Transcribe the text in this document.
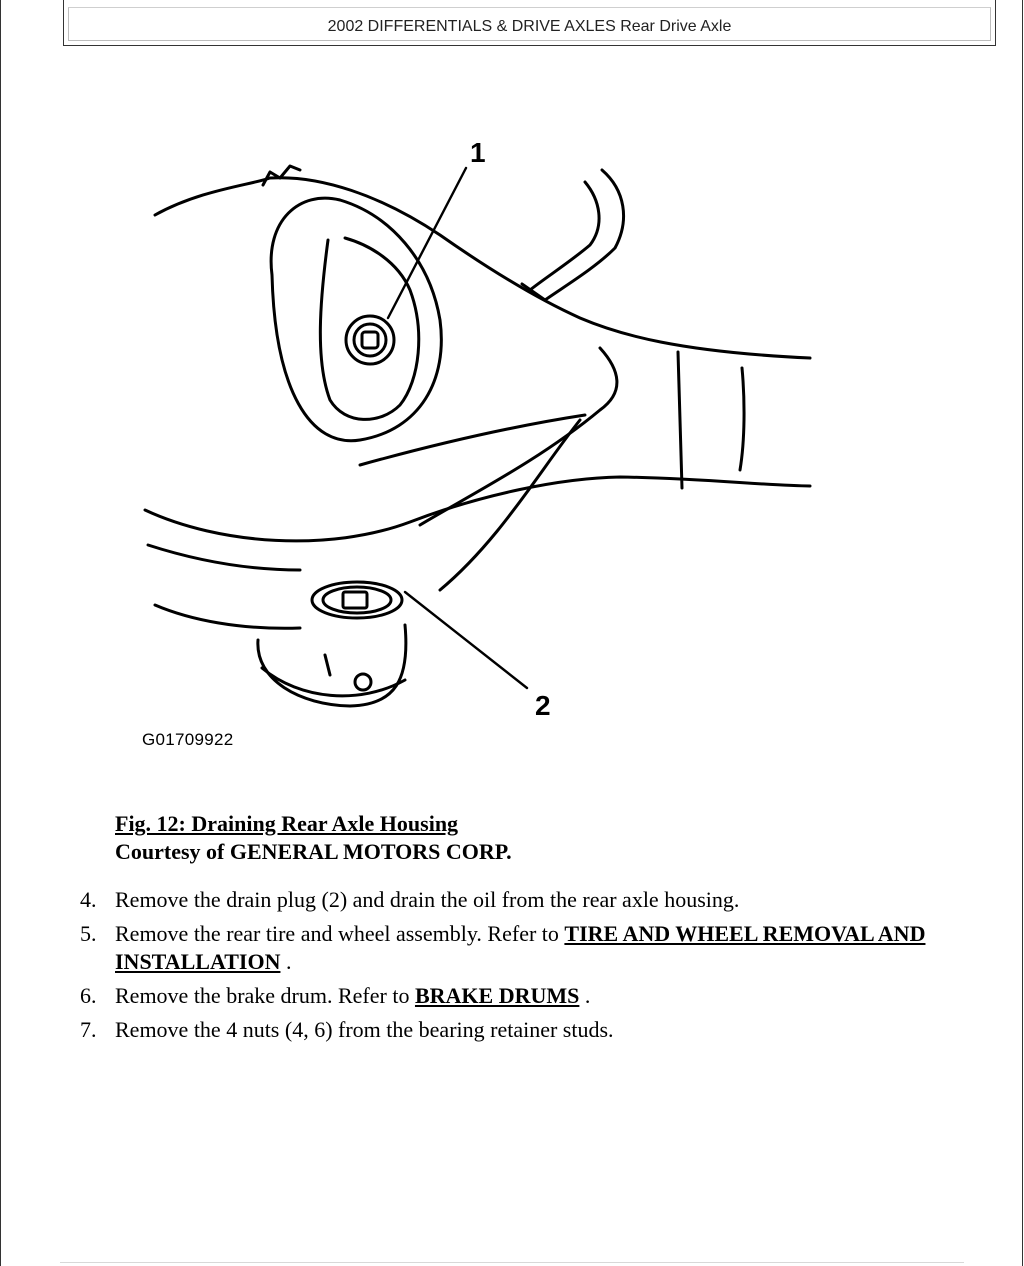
2002 DIFFERENTIALS & DRIVE AXLES Rear Drive Axle
1
2
G01709922
Fig. 12: Draining Rear Axle Housing
Courtesy of GENERAL MOTORS CORP.
4. Remove the drain plug (2) and drain the oil from the rear axle housing.
5. Remove the rear tire and wheel assembly. Refer to TIRE AND WHEEL REMOVAL AND INSTALLATION .
6. Remove the brake drum. Refer to BRAKE DRUMS .
7. Remove the 4 nuts (4, 6) from the bearing retainer studs.
